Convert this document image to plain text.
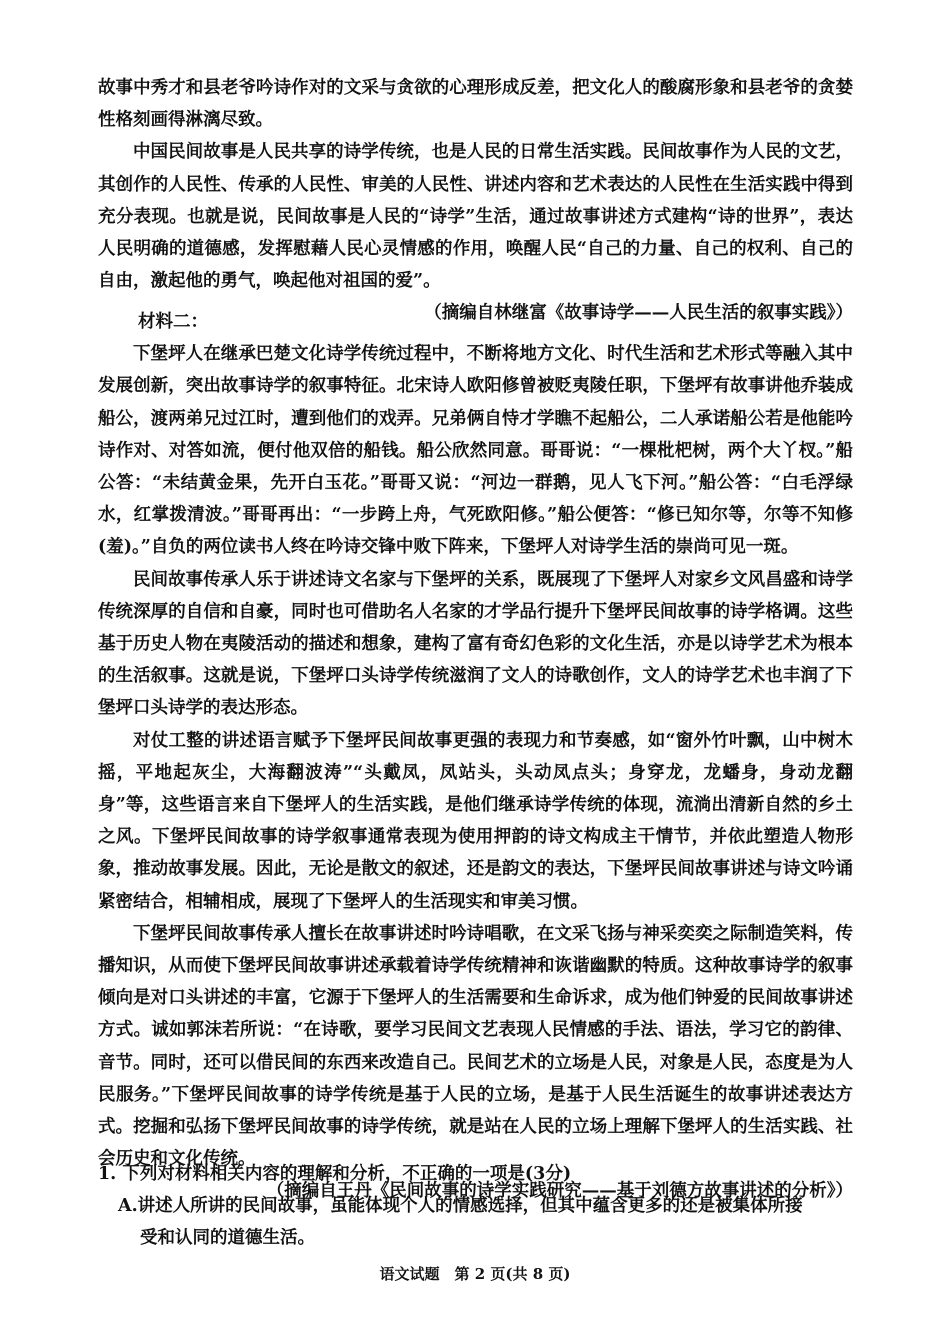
故事中秀才和县老爷吟诗作对的文采与贪欲的心理形成反差，把文化人的酸腐形象和县老爷的贪婪性格刻画得淋漓尽致。

中国民间故事是人民共享的诗学传统，也是人民的日常生活实践。民间故事作为人民的文艺，其创作的人民性、传承的人民性、审美的人民性、讲述内容和艺术表达的人民性在生活实践中得到充分表现。也就是说，民间故事是人民的“诗学”生活，通过故事讲述方式建构“诗的世界”，表达人民明确的道德感，发挥慰藉人民心灵情感的作用，唤醒人民“自己的力量、自己的权利、自己的自由，激起他的勇气，唤起他对祖国的爱”。

（摘编自林继富《故事诗学——人民生活的叙事实践》）

材料二：

下堡坪人在继承巴楚文化诗学传统过程中，不断将地方文化、时代生活和艺术形式等融入其中发展创新，突出故事诗学的叙事特征。北宋诗人欧阳修曾被贬夷陵任职，下堡坪有故事讲他乔装成船公，渡两弟兄过江时，遭到他们的戏弄。兄弟俩自恃才学瞧不起船公，二人承诺船公若是他能吟诗作对、对答如流，便付他双倍的船钱。船公欣然同意。哥哥说：“一棵枇杷树，两个大丫杈。”船公答：“未结黄金果，先开白玉花。”哥哥又说：“河边一群鹅，见人飞下河。”船公答：“白毛浮绿水，红掌拨清波。”哥哥再出：“一步跨上舟，气死欧阳修。”船公便答：“修已知尔等，尔等不知修(羞)。”自负的两位读书人终在吟诗交锋中败下阵来，下堡坪人对诗学生活的崇尚可见一斑。

民间故事传承人乐于讲述诗文名家与下堡坪的关系，既展现了下堡坪人对家乡文风昌盛和诗学传统深厚的自信和自豪，同时也可借助名人名家的才学品行提升下堡坪民间故事的诗学格调。这些基于历史人物在夷陵活动的描述和想象，建构了富有奇幻色彩的文化生活，亦是以诗学艺术为根本的生活叙事。这就是说，下堡坪口头诗学传统滋润了文人的诗歌创作，文人的诗学艺术也丰润了下堡坪口头诗学的表达形态。

对仗工整的讲述语言赋予下堡坪民间故事更强的表现力和节奏感，如“窗外竹叶飘，山中树木摇，平地起灰尘，大海翻波涛”“头戴凤，凤站头，头动凤点头；身穿龙，龙蟠身，身动龙翻身”等，这些语言来自下堡坪人的生活实践，是他们继承诗学传统的体现，流淌出清新自然的乡土之风。下堡坪民间故事的诗学叙事通常表现为使用押韵的诗文构成主干情节，并依此塑造人物形象，推动故事发展。因此，无论是散文的叙述，还是韵文的表达，下堡坪民间故事讲述与诗文吟诵紧密结合，相辅相成，展现了下堡坪人的生活现实和审美习惯。

下堡坪民间故事传承人擅长在故事讲述时吟诗唱歌，在文采飞扬与神采奕奕之际制造笑料，传播知识，从而使下堡坪民间故事讲述承载着诗学传统精神和诙谐幽默的特质。这种故事诗学的叙事倾向是对口头讲述的丰富，它源于下堡坪人的生活需要和生命诉求，成为他们钟爱的民间故事讲述方式。诚如郭沫若所说：“在诗歌，要学习民间文艺表现人民情感的手法、语法，学习它的韵律、音节。同时，还可以借民间的东西来改造自己。民间艺术的立场是人民，对象是人民，态度是为人民服务。”下堡坪民间故事的诗学传统是基于人民的立场，是基于人民生活诞生的故事讲述表达方式。挖掘和弘扬下堡坪民间故事的诗学传统，就是站在人民的立场上理解下堡坪人的生活实践、社会历史和文化传统。

（摘编自王丹《民间故事的诗学实践研究——基于刘德方故事讲述的分析》）

1. 下列对材料相关内容的理解和分析，不正确的一项是(3分)

A.讲述人所讲的民间故事，虽能体现个人的情感选择，但其中蕴含更多的还是被集体所接
受和认同的道德生活。

语文试题　第 2 页(共 8 页)
